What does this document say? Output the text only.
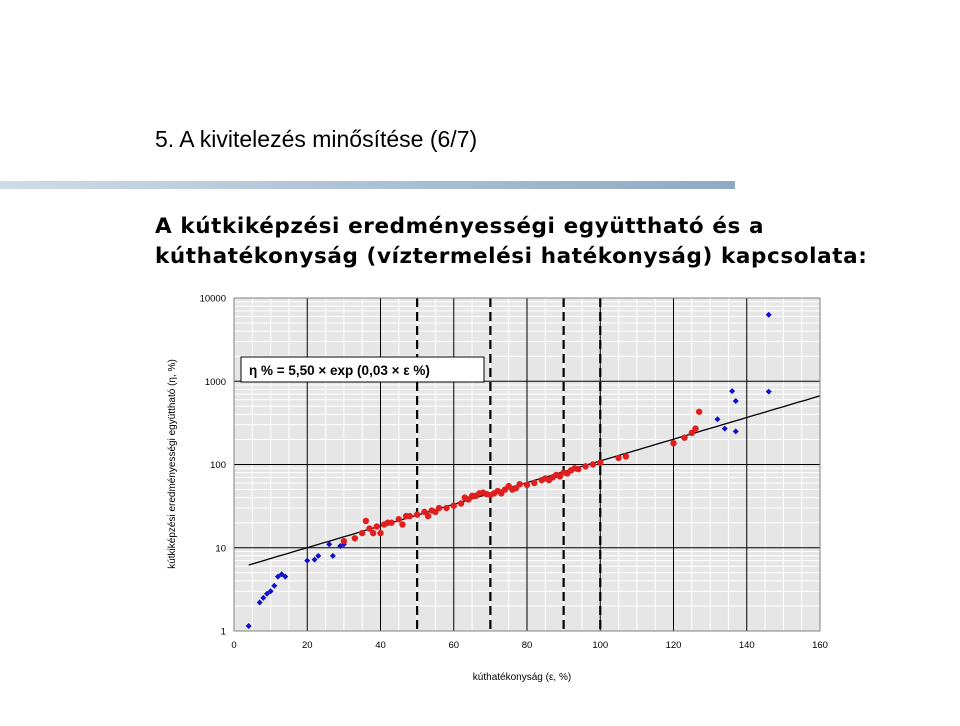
5. A kivitelezés minősítése (6/7)
A kútkiképzési eredményességi együttható és a
kúthatékonyság (víztermelési hatékonyság) kapcsolata:
0	20	40	60	80	100	120	140	160
1
10
100
1000
10000
η % = 5,50 × exp (0,03 × ε %)
kúthatékonyság (ε, %)
kútkiképzési eredményességi együttható (η, %)
